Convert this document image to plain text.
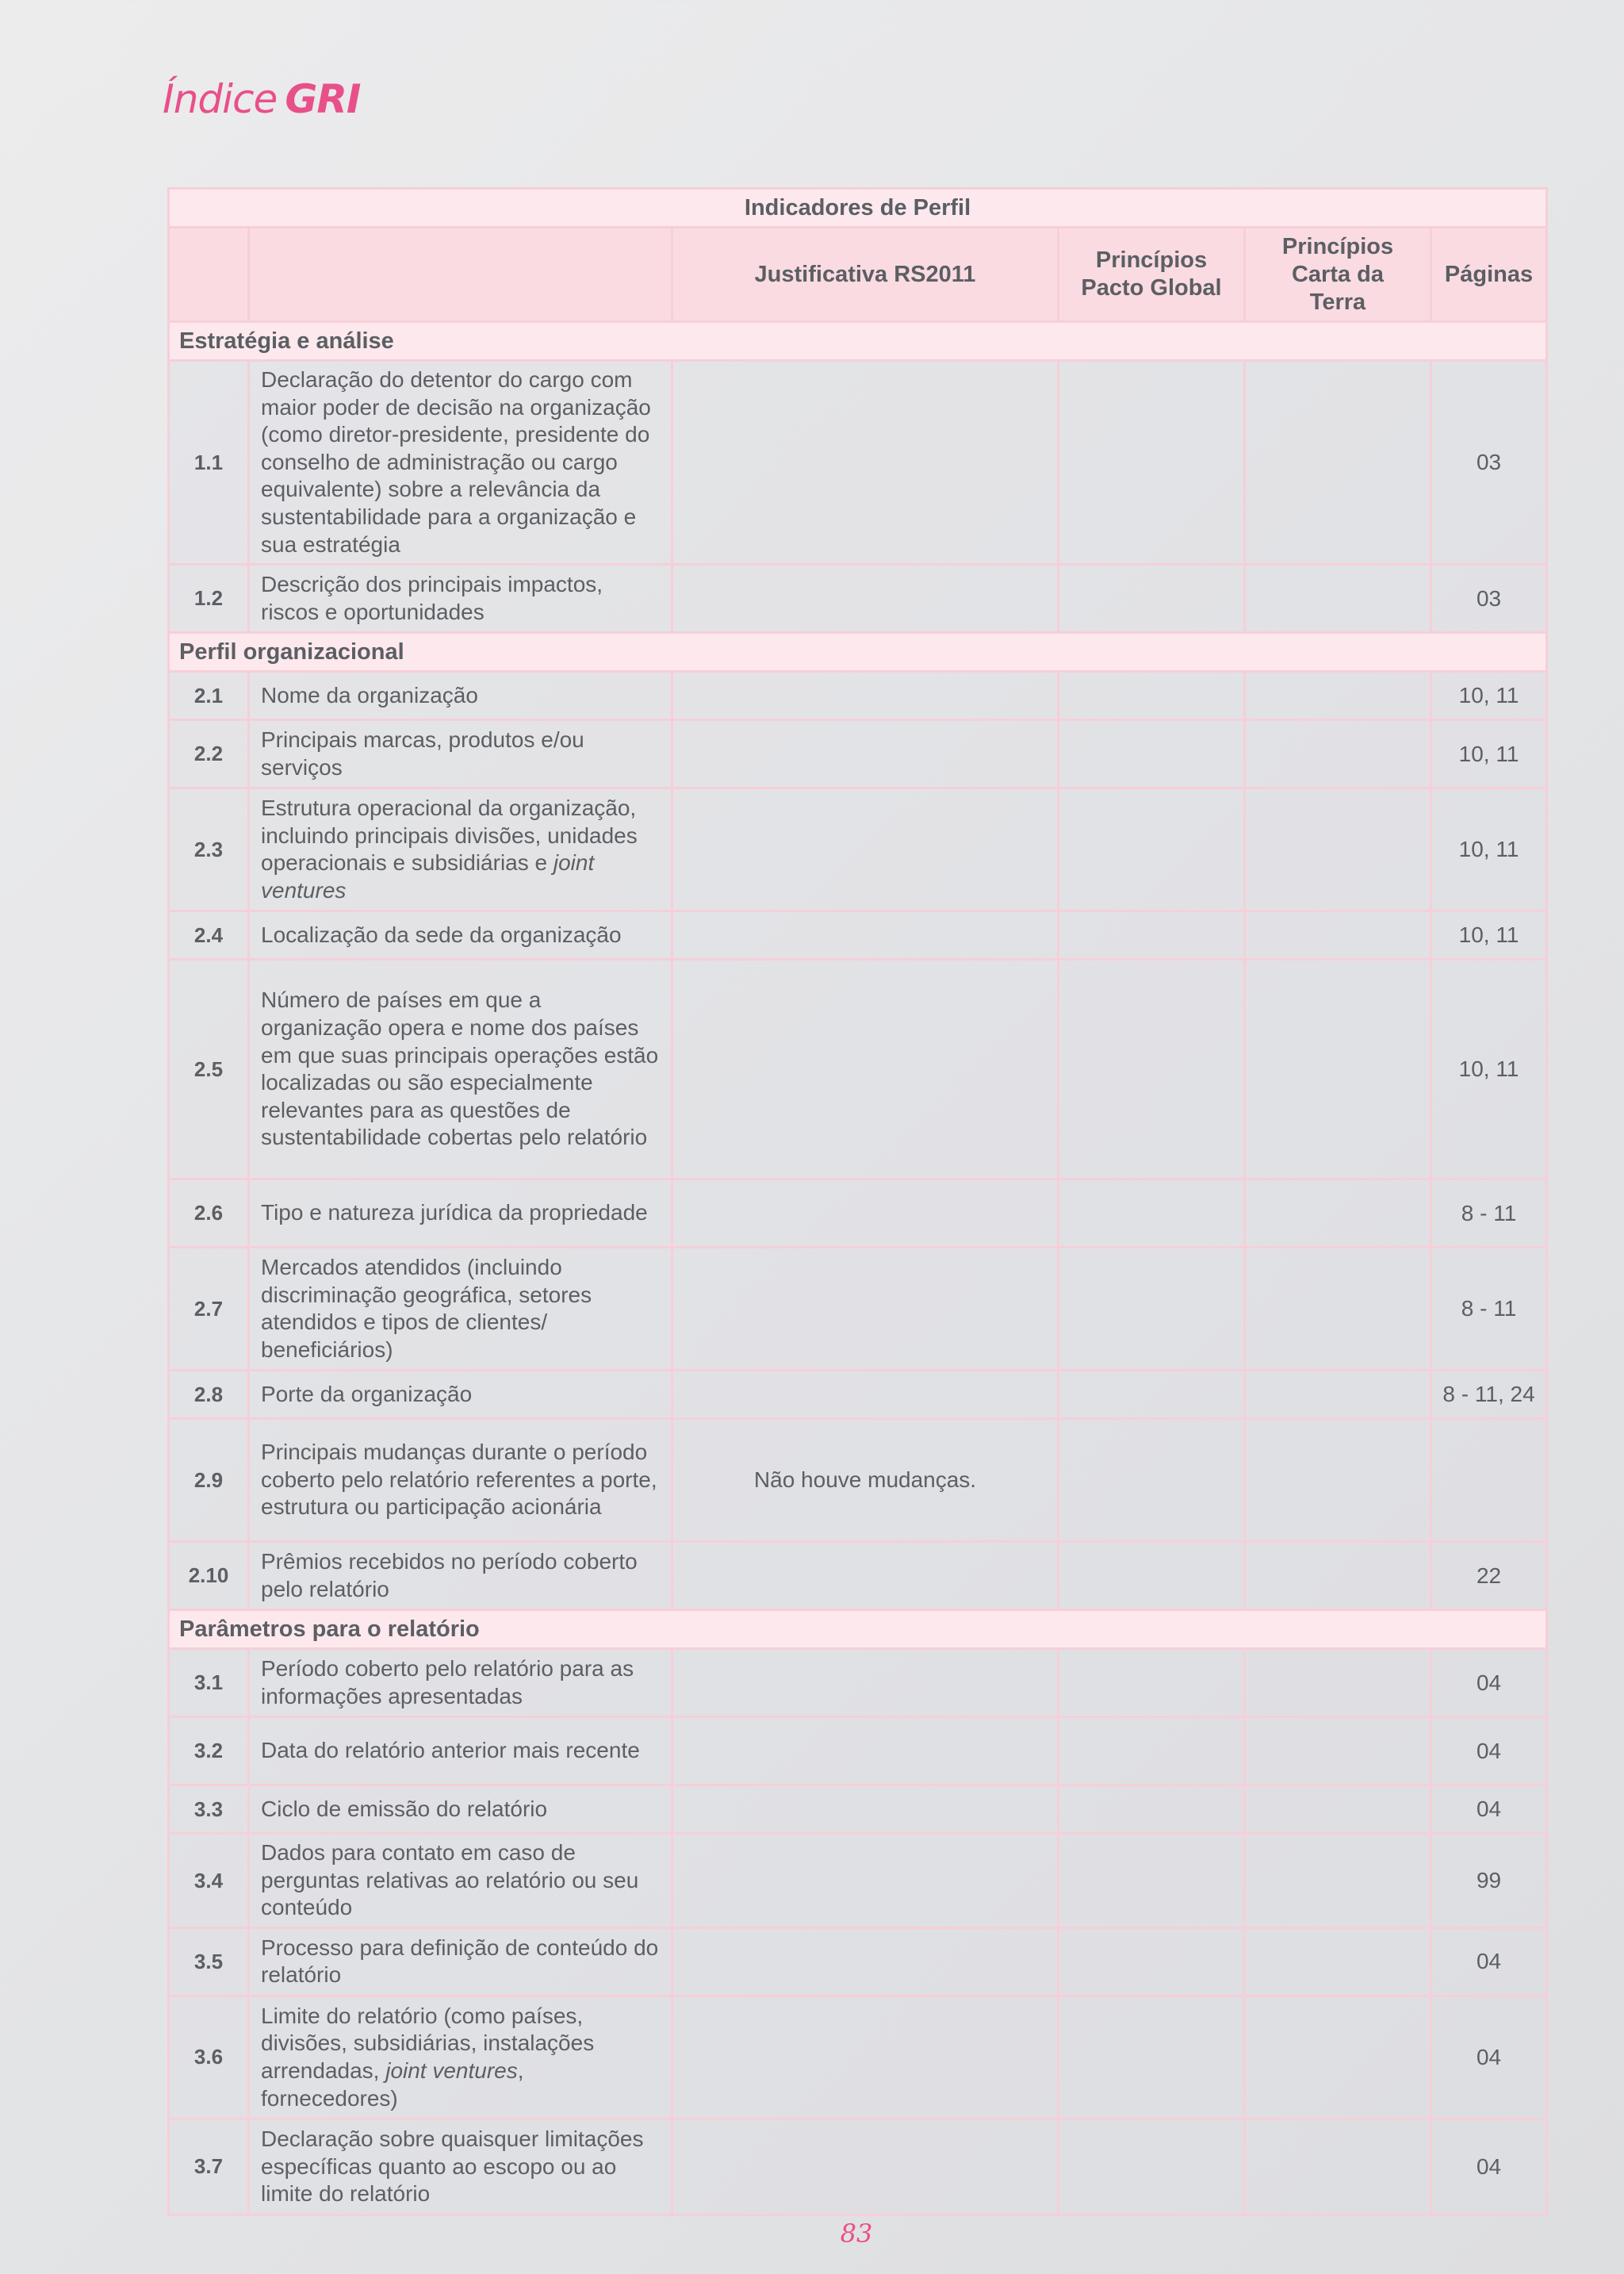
Índice GRI
Indicadores de Perfil					
		Justificativa RS2011	Princípios Pacto Global	Princípios Carta da Terra	Páginas
Estratégia e análise					
1.1	Declaração do detentor do cargo com maior poder de decisão na organização (como diretor-presidente, presidente do conselho de administração ou cargo equivalente) sobre a relevância da sustentabilidade para a organização e sua estratégia				03
1.2	Descrição dos principais impactos, riscos e oportunidades				03
Perfil organizacional					
2.1	Nome da organização				10, 11
2.2	Principais marcas, produtos e/ou serviços				10, 11
2.3	Estrutura operacional da organização, incluindo principais divisões, unidades operacionais e subsidiárias e joint ventures				10, 11
2.4	Localização da sede da organização				10, 11
2.5	Número de países em que a organização opera e nome dos países em que suas principais operações estão localizadas ou são especialmente relevantes para as questões de sustentabilidade cobertas pelo relatório				10, 11
2.6	Tipo e natureza jurídica da propriedade				8 - 11
2.7	Mercados atendidos (incluindo discriminação geográfica, setores atendidos e tipos de clientes/ beneficiários)				8 - 11
2.8	Porte da organização				8 - 11, 24
2.9	Principais mudanças durante o período coberto pelo relatório referentes a porte, estrutura ou participação acionária	Não houve mudanças.			
2.10	Prêmios recebidos no período coberto pelo relatório				22
Parâmetros para o relatório					
3.1	Período coberto pelo relatório para as informações apresentadas				04
3.2	Data do relatório anterior mais recente				04
3.3	Ciclo de emissão do relatório				04
3.4	Dados para contato em caso de perguntas relativas ao relatório ou seu conteúdo				99
3.5	Processo para definição de conteúdo do relatório				04
3.6	Limite do relatório (como países, divisões, subsidiárias, instalações arrendadas, joint ventures, fornecedores)				04
3.7	Declaração sobre quaisquer limitações específicas quanto ao escopo ou ao limite do relatório				04
83
